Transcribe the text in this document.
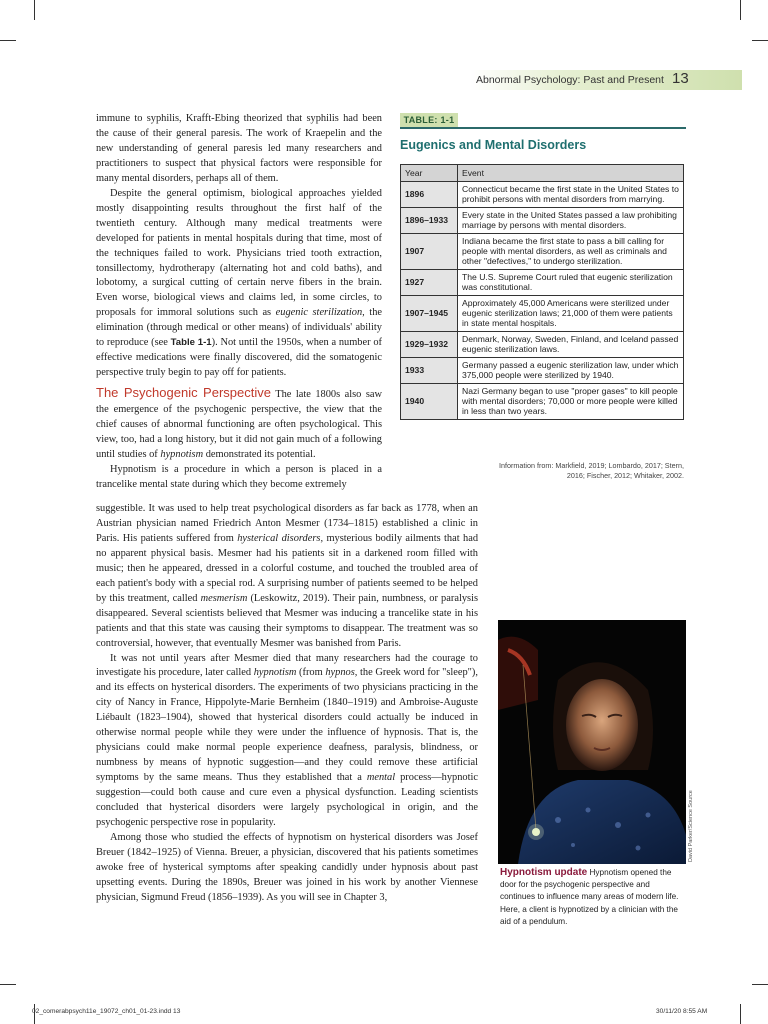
Abnormal Psychology: Past and Present 13

immune to syphilis, Krafft-Ebing theorized that syphilis had been the cause of their general paresis. The work of Kraepelin and the new understanding of general paresis led many researchers and practitioners to suspect that physical factors were responsible for many mental disorders, perhaps all of them.

Despite the general optimism, biological approaches yielded mostly disappointing results throughout the first half of the twentieth century. Although many medical treatments were developed for patients in mental hospitals during that time, most of the techniques failed to work. Physicians tried tooth extraction, tonsillectomy, hydrotherapy (alternating hot and cold baths), and lobotomy, a surgical cutting of certain nerve fibers in the brain. Even worse, biological views and claims led, in some circles, to proposals for immoral solutions such as eugenic sterilization, the elimination (through medical or other means) of individuals' ability to reproduce (see Table 1-1). Not until the 1950s, when a number of effective medications were finally discovered, did the somatogenic perspective truly begin to pay off for patients.

The Psychogenic Perspective The late 1800s also saw the emergence of the psychogenic perspective, the view that the chief causes of abnormal functioning are often psychological. This view, too, had a long history, but it did not gain much of a following until studies of hypnotism demonstrated its potential.

Hypnotism is a procedure in which a person is placed in a trancelike mental state during which they become extremely

suggestible. It was used to help treat psychological disorders as far back as 1778, when an Austrian physician named Friedrich Anton Mesmer (1734–1815) established a clinic in Paris. His patients suffered from hysterical disorders, mysterious bodily ailments that had no apparent physical basis. Mesmer had his patients sit in a darkened room filled with music; then he appeared, dressed in a colorful costume, and touched the troubled area of each patient's body with a special rod. A surprising number of patients seemed to be helped by this treatment, called mesmerism (Leskowitz, 2019). Their pain, numbness, or paralysis disappeared. Several scientists believed that Mesmer was inducing a trancelike state in his patients and that this state was causing their symptoms to disappear. The treatment was so controversial, however, that eventually Mesmer was banished from Paris.

It was not until years after Mesmer died that many researchers had the courage to investigate his procedure, later called hypnotism (from hypnos, the Greek word for "sleep"), and its effects on hysterical disorders. The experiments of two physicians practicing in the city of Nancy in France, Hippolyte-Marie Bernheim (1840–1919) and Ambroise-Auguste Liébault (1823–1904), showed that hysterical disorders could actually be induced in otherwise normal people while they were under the influence of hypnosis. That is, the physicians could make normal people experience deafness, paralysis, blindness, or numbness by means of hypnotic suggestion—and they could remove these artificial symptoms by the same means. Thus they established that a mental process—hypnotic suggestion—could both cause and cure even a physical dysfunction. Leading scientists concluded that hysterical disorders were largely psychological in origin, and the psychogenic perspective rose in popularity.

Among those who studied the effects of hypnotism on hysterical disorders was Josef Breuer (1842–1925) of Vienna. Breuer, a physician, discovered that his patients sometimes awoke free of hysterical symptoms after speaking candidly under hypnosis about past upsetting events. During the 1890s, Breuer was joined in his work by another Viennese physician, Sigmund Freud (1856–1939). As you will see in Chapter 3,

TABLE: 1-1
Eugenics and Mental Disorders
Year	Event
1896	Connecticut became the first state in the United States to prohibit persons with mental disorders from marrying.
1896–1933	Every state in the United States passed a law prohibiting marriage by persons with mental disorders.
1907	Indiana became the first state to pass a bill calling for people with mental disorders, as well as criminals and other "defectives," to undergo sterilization.
1927	The U.S. Supreme Court ruled that eugenic sterilization was constitutional.
1907–1945	Approximately 45,000 Americans were sterilized under eugenic sterilization laws; 21,000 of them were patients in state mental hospitals.
1929–1932	Denmark, Norway, Sweden, Finland, and Iceland passed eugenic sterilization laws.
1933	Germany passed a eugenic sterilization law, under which 375,000 people were sterilized by 1940.
1940	Nazi Germany began to use "proper gases" to kill people with mental disorders; 70,000 or more people were killed in less than two years.
Information from: Markfield, 2019; Lombardo, 2017; Stern, 2016; Fischer, 2012; Whitaker, 2002.
David Parker/Science Source
Hypnotism update Hypnotism opened the door for the psychogenic perspective and continues to influence many areas of modern life. Here, a client is hypnotized by a clinician with the aid of a pendulum.
02_comerabpsych11e_19072_ch01_01-23.indd 13	30/11/20 8:55 AM
